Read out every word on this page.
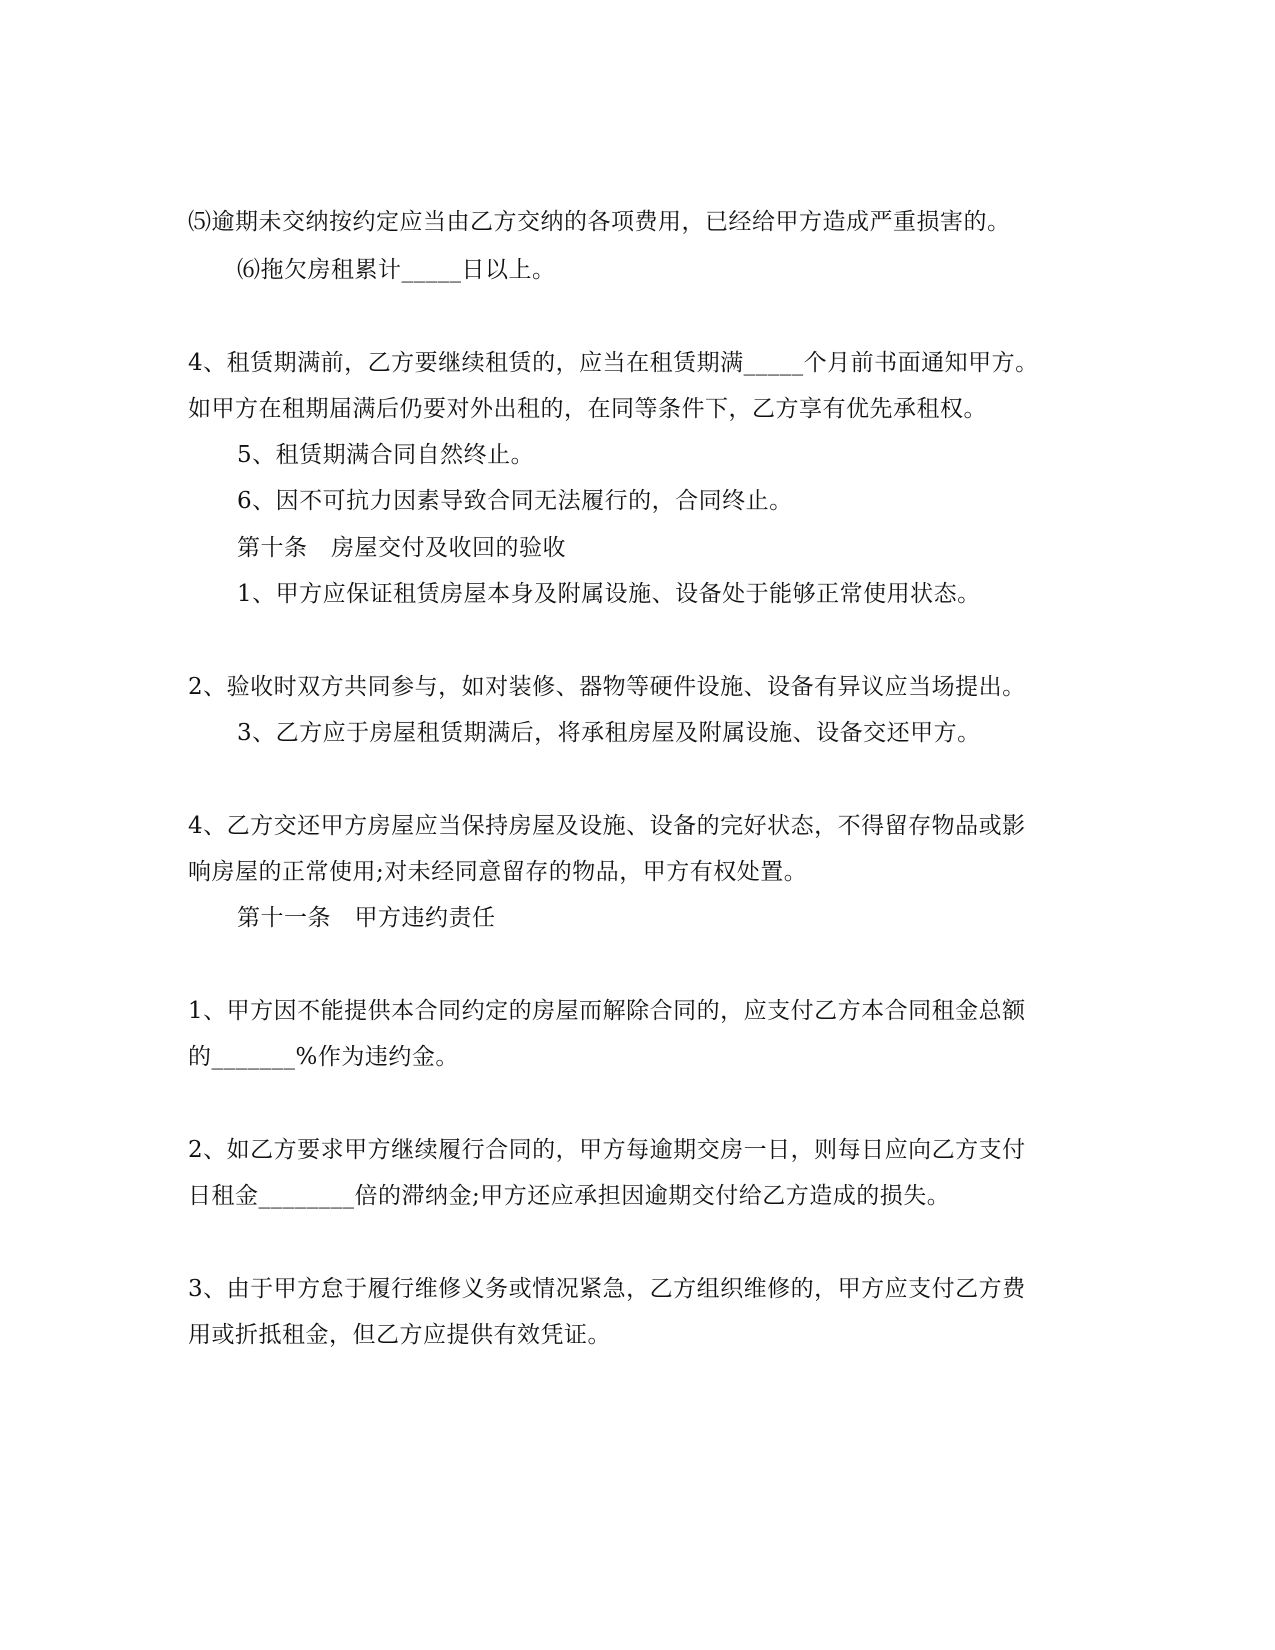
⑸逾期未交纳按约定应当由乙方交纳的各项费用，已经给甲方造成严重损害的。
⑹拖欠房租累计_____日以上。
4、租赁期满前，乙方要继续租赁的，应当在租赁期满_____个月前书面通知甲方。
如甲方在租期届满后仍要对外出租的，在同等条件下，乙方享有优先承租权。
5、租赁期满合同自然终止。
6、因不可抗力因素导致合同无法履行的，合同终止。
第十条　房屋交付及收回的验收
1、甲方应保证租赁房屋本身及附属设施、设备处于能够正常使用状态。
2、验收时双方共同参与，如对装修、器物等硬件设施、设备有异议应当场提出。
3、乙方应于房屋租赁期满后，将承租房屋及附属设施、设备交还甲方。
4、乙方交还甲方房屋应当保持房屋及设施、设备的完好状态，不得留存物品或影
响房屋的正常使用;对未经同意留存的物品，甲方有权处置。
第十一条　甲方违约责任
1、甲方因不能提供本合同约定的房屋而解除合同的，应支付乙方本合同租金总额
的_______%作为违约金。
2、如乙方要求甲方继续履行合同的，甲方每逾期交房一日，则每日应向乙方支付
日租金________倍的滞纳金;甲方还应承担因逾期交付给乙方造成的损失。
3、由于甲方怠于履行维修义务或情况紧急，乙方组织维修的，甲方应支付乙方费
用或折抵租金，但乙方应提供有效凭证。
